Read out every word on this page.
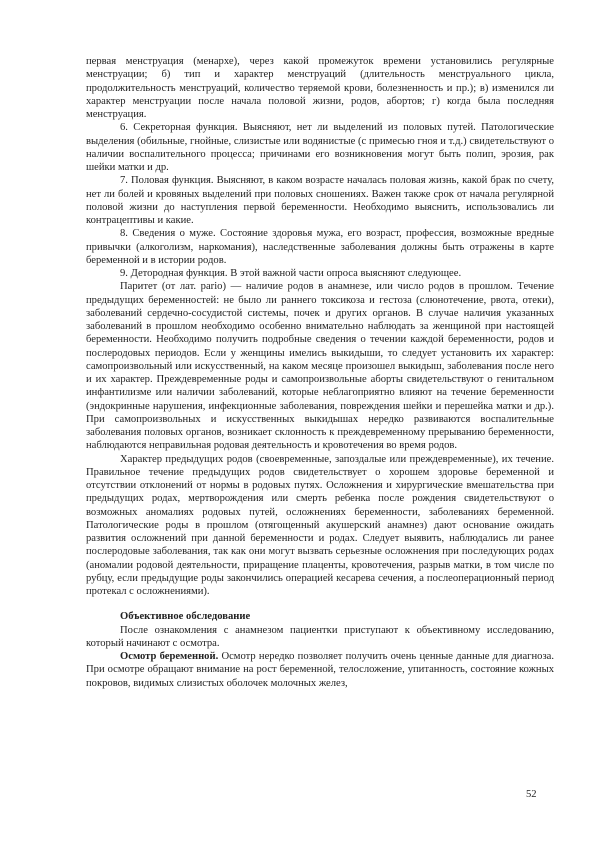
первая менструация (менархе), через какой промежуток времени установились регулярные менструации; б) тип и характер менструаций (длительность менструального цикла, продолжительность менструаций, количество теряемой крови, болезненность и пр.); в) изменился ли характер менструации после начала половой жизни, родов, абортов; г) когда была последняя менструация.

6. Секреторная функция. Выясняют, нет ли выделений из половых путей. Патологические выделения (обильные, гнойные, слизистые или водянистые (с примесью гноя и т.д.) свидетельствуют о наличии воспалительного процесса; причинами его возникновения могут быть полип, эрозия, рак шейки матки и др.

7. Половая функция. Выясняют, в каком возрасте началась половая жизнь, какой брак по счету, нет ли болей и кровяных выделений при половых сношениях. Важен также срок от начала регулярной половой жизни до наступления первой беременности. Необходимо выяснить, использовались ли контрацептивы и какие.

8. Сведения о муже. Состояние здоровья мужа, его возраст, профессия, возможные вредные привычки (алкоголизм, наркомания), наследственные заболевания должны быть отражены в карте беременной и в истории родов.

9. Детородная функция. В этой важной части опроса выясняют следующее.

Паритет (от лат. pario) — наличие родов в анамнезе, или число родов в прошлом. Течение предыдущих беременностей: не было ли раннего токсикоза и гестоза (слюнотечение, рвота, отеки), заболеваний сердечно-сосудистой системы, почек и других органов. В случае наличия указанных заболеваний в прошлом необходимо особенно внимательно наблюдать за женщиной при настоящей беременности. Необходимо получить подробные сведения о течении каждой беременности, родов и послеродовых периодов. Если у женщины имелись выкидыши, то следует установить их характер: самопроизвольный или искусственный, на каком месяце произошел выкидыш, заболевания после него и их характер. Преждевременные роды и самопроизвольные аборты свидетельствуют о генитальном инфантилизме или наличии заболеваний, которые неблагоприятно влияют на течение беременности (эндокринные нарушения, инфекционные заболевания, повреждения шейки и перешейка матки и др.). При самопроизвольных и искусственных выкидышах нередко развиваются воспалительные заболевания половых органов, возникает склонность к преждевременному прерыванию беременности, наблюдаются неправильная родовая деятельность и кровотечения во время родов.

Характер предыдущих родов (своевременные, запоздалые или преждевременные), их течение. Правильное течение предыдущих родов свидетельствует о хорошем здоровье беременной и отсутствии отклонений от нормы в родовых путях. Осложнения и хирургические вмешательства при предыдущих родах, мертворождения или смерть ребенка после рождения свидетельствуют о возможных аномалиях родовых путей, осложнениях беременности, заболеваниях беременной. Патологические роды в прошлом (отягощенный акушерский анамнез) дают основание ожидать развития осложнений при данной беременности и родах. Следует выявить, наблюдались ли ранее послеродовые заболевания, так как они могут вызвать серьезные осложнения при последующих родах (аномалии родовой деятельности, приращение плаценты, кровотечения, разрыв матки, в том числе по рубцу, если предыдущие роды закончились операцией кесарева сечения, а послеоперационный период протекал с осложнениями).

Объективное обследование

После ознакомления с анамнезом пациентки приступают к объективному исследованию, который начинают с осмотра.

Осмотр беременной. Осмотр нередко позволяет получить очень ценные данные для диагноза. При осмотре обращают внимание на рост беременной, телосложение, упитанность, состояние кожных покровов, видимых слизистых оболочек молочных желез,

52
